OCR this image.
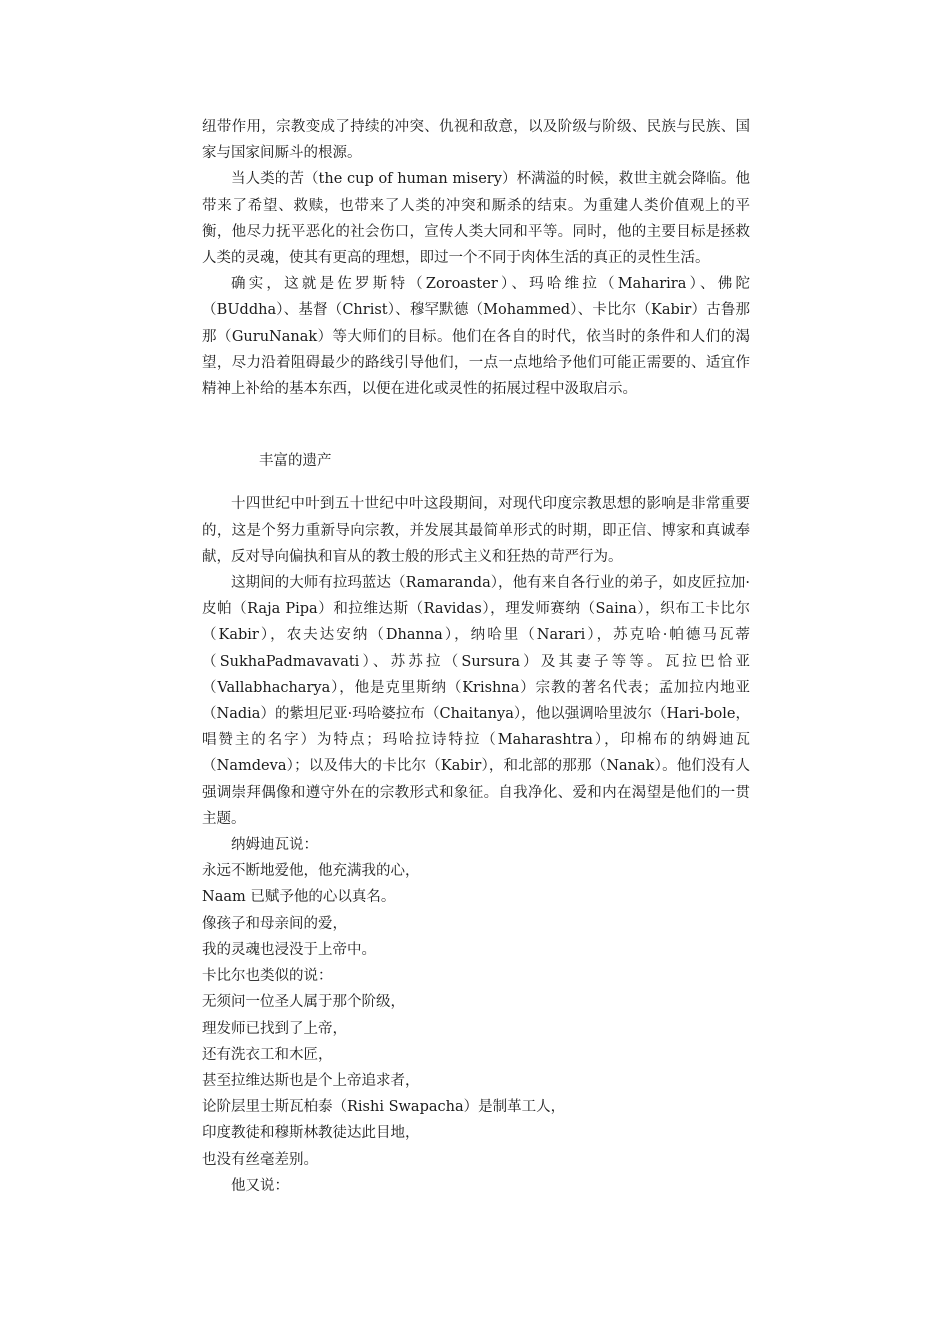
纽带作用，宗教变成了持续的冲突、仇视和敌意，以及阶级与阶级、民族与民族、国家与国家间厮斗的根源。

当人类的苦（the cup of human misery）杯满溢的时候，救世主就会降临。他带来了希望、救赎，也带来了人类的冲突和厮杀的结束。为重建人类价值观上的平衡，他尽力抚平恶化的社会伤口，宣传人类大同和平等。同时，他的主要目标是拯救人类的灵魂，使其有更高的理想，即过一个不同于肉体生活的真正的灵性生活。

确实，这就是佐罗斯特（Zoroaster）、玛哈维拉（Maharira）、佛陀（BUddha）、基督（Christ）、穆罕默德（Mohammed）、卡比尔（Kabir）古鲁那那（GuruNanak）等大师们的目标。他们在各自的时代，依当时的条件和人们的渴望，尽力沿着阻碍最少的路线引导他们，一点一点地给予他们可能正需要的、适宜作精神上补给的基本东西，以便在进化或灵性的拓展过程中汲取启示。

丰富的遗产

十四世纪中叶到五十世纪中叶这段期间，对现代印度宗教思想的影响是非常重要的，这是个努力重新导向宗教，并发展其最简单形式的时期，即正信、博家和真诚奉献，反对导向偏执和盲从的教士般的形式主义和狂热的苛严行为。

这期间的大师有拉玛蓝达（Ramaranda），他有来自各行业的弟子，如皮匠拉加·皮帕（Raja Pipa）和拉维达斯（Ravidas），理发师赛纳（Saina），织布工卡比尔（Kabir），农夫达安纳（Dhanna），纳哈里（Narari），苏克哈·帕德马瓦蒂（SukhaPadmavavati）、苏苏拉（Sursura）及其妻子等等。瓦拉巴恰亚（Vallabhacharya），他是克里斯纳（Krishna）宗教的著名代表；孟加拉内地亚（Nadia）的紫坦尼亚·玛哈婆拉布（Chaitanya），他以强调哈里波尔（Hari-bole，唱赞主的名字）为特点；玛哈拉诗特拉（Maharashtra），印棉布的纳姆迪瓦（Namdeva）；以及伟大的卡比尔（Kabir），和北部的那那（Nanak）。他们没有人强调崇拜偶像和遵守外在的宗教形式和象征。自我净化、爱和内在渴望是他们的一贯主题。

纳姆迪瓦说：

永远不断地爱他，他充满我的心，

Naam 已赋予他的心以真名。

像孩子和母亲间的爱，

我的灵魂也浸没于上帝中。

卡比尔也类似的说：

无须问一位圣人属于那个阶级，

理发师已找到了上帝，

还有洗衣工和木匠，

甚至拉维达斯也是个上帝追求者，

论阶层里士斯瓦柏泰（Rishi Swapacha）是制革工人，

印度教徒和穆斯林教徒达此目地，

也没有丝毫差别。

他又说：
